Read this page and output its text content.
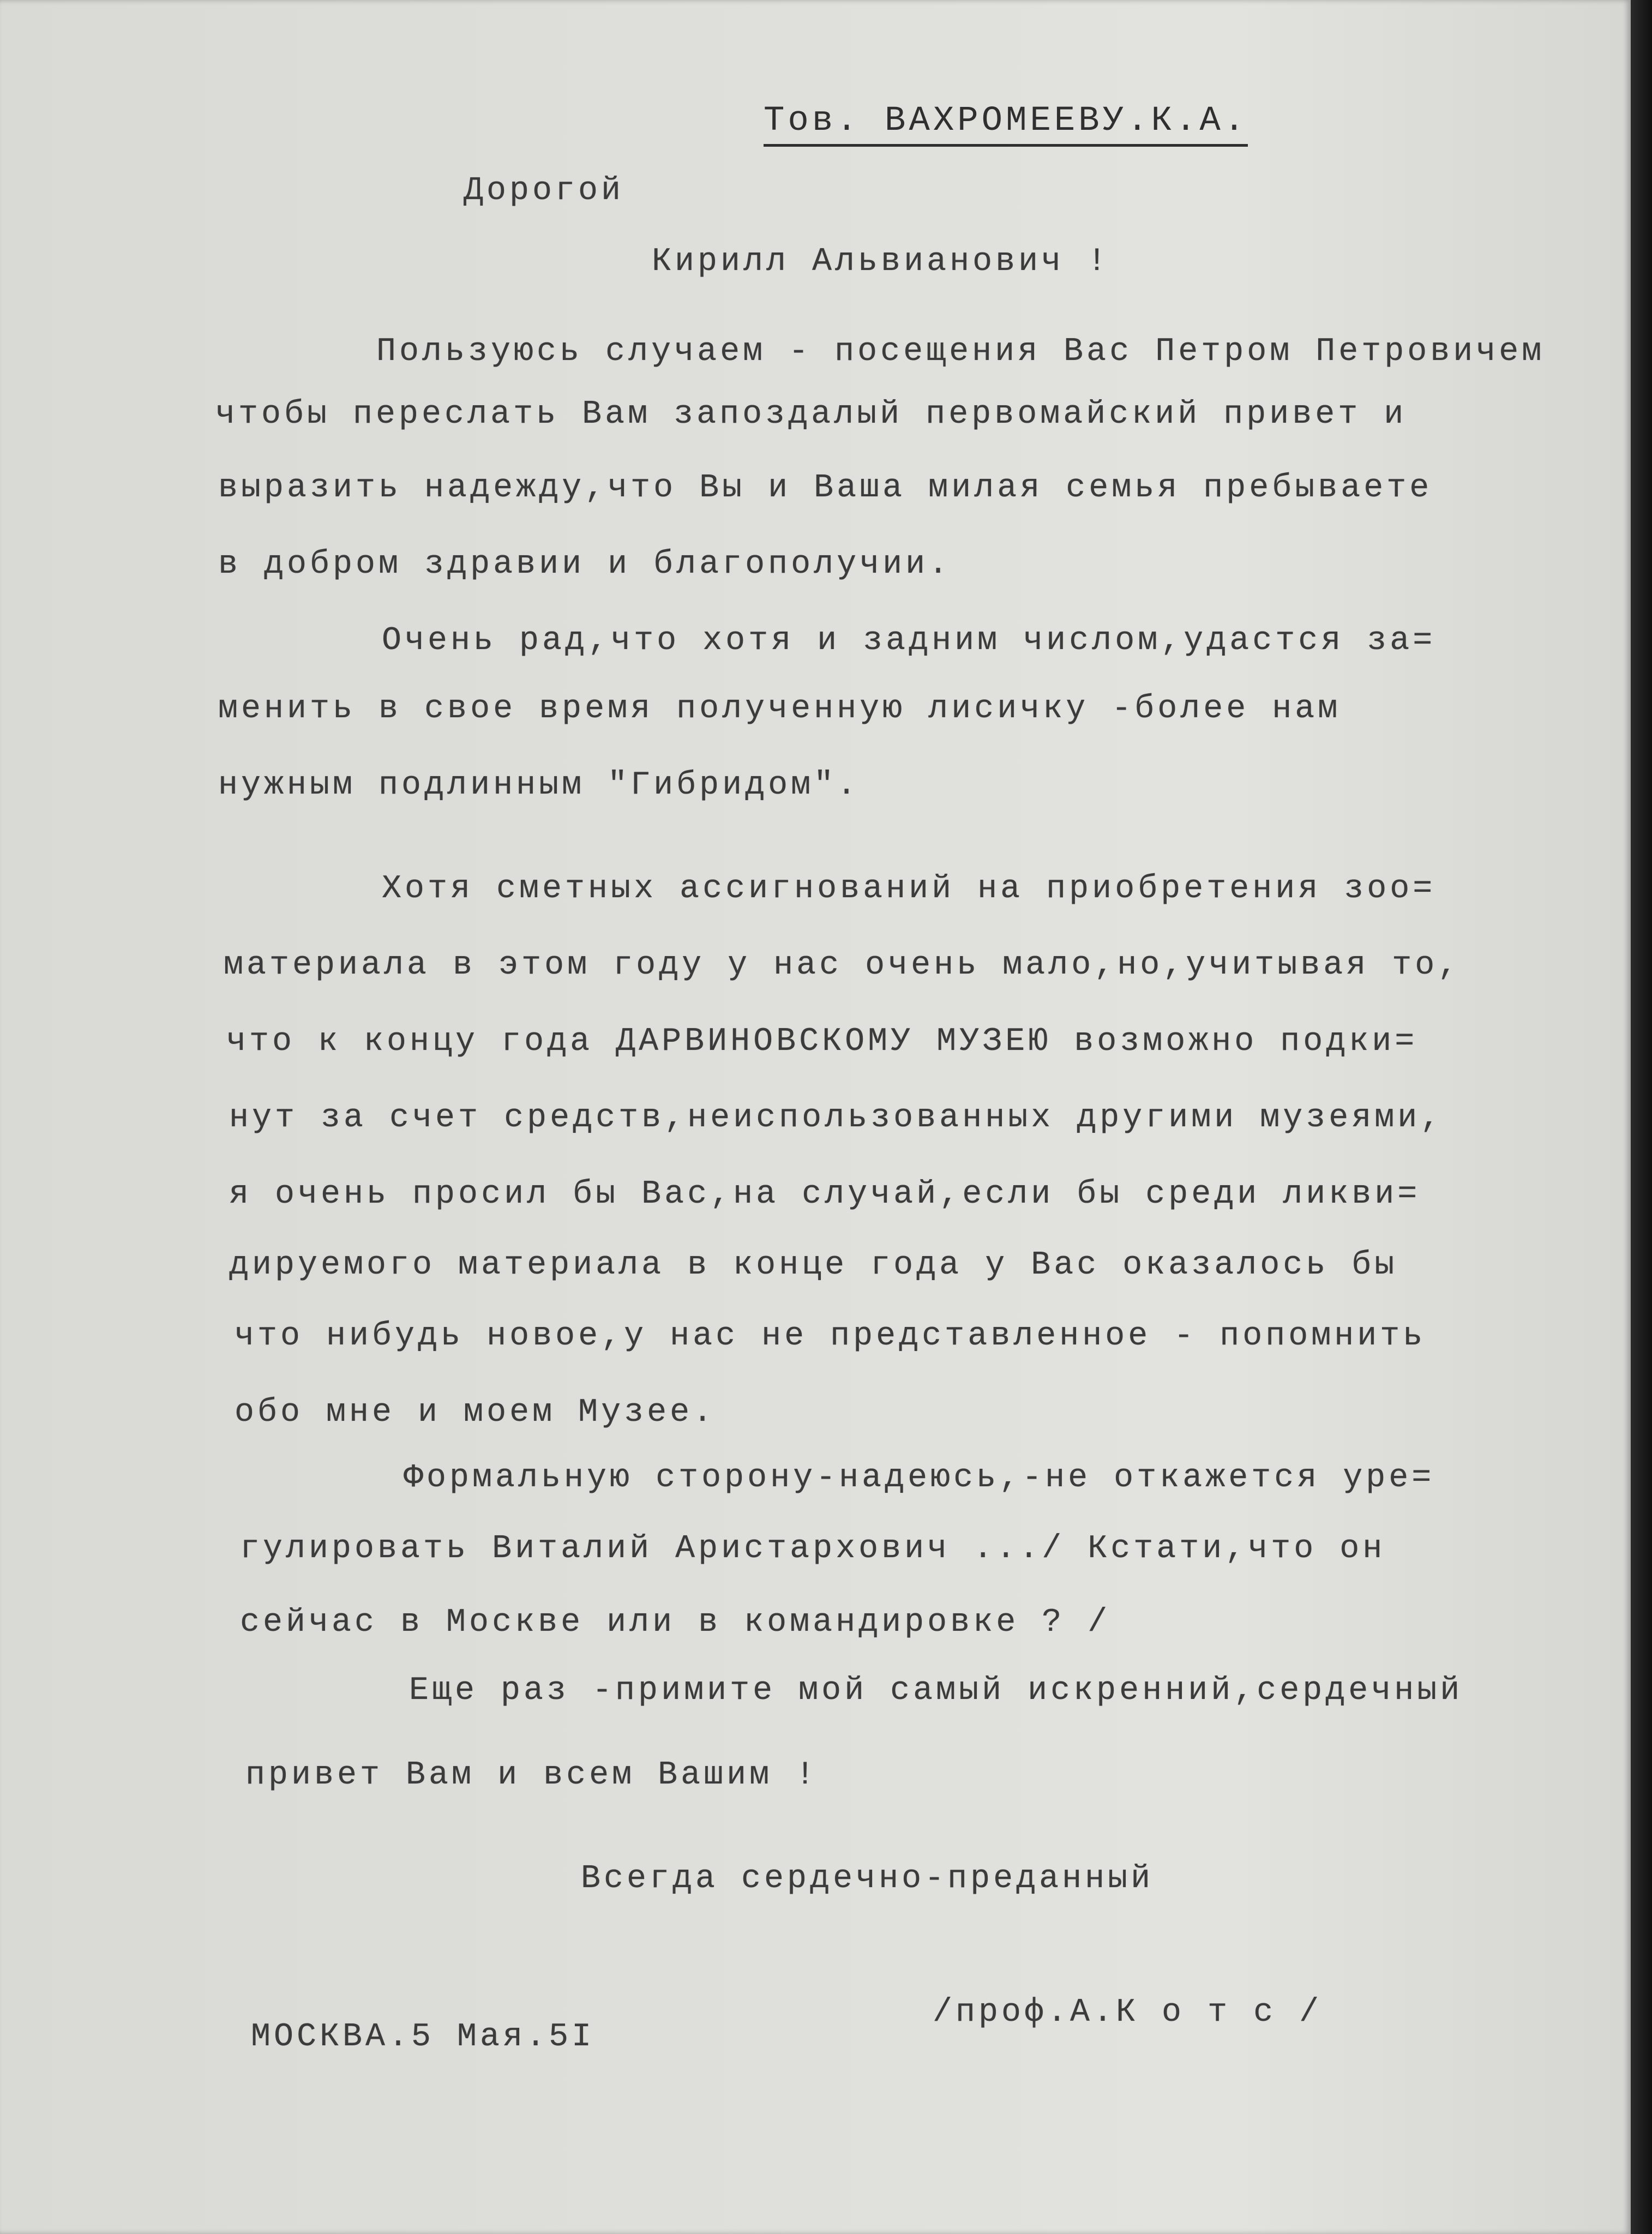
Тов. ВАХРОМЕЕВУ.К.А.
Дорогой
Кирилл Альвианович !
Пользуюсь случаем - посещения Вас Петром Петровичем
чтобы переслать Вам запоздалый первомайский привет и
выразить надежду,что Вы и Ваша милая семья пребываете
в добром здравии и благополучии.
Очень рад,что хотя и задним числом,удастся за=
менить в свое время полученную лисичку -более нам
нужным подлинным "Гибридом".
Хотя сметных ассигнований на приобретения зоо=
материала в этом году у нас очень мало,но,учитывая то,
что к концу года ДАРВИНОВСКОМУ МУЗЕЮ возможно подки=
нут за счет средств,неиспользованных другими музеями,
я очень просил бы Вас,на случай,если бы среди ликви=
дируемого материала в конце года у Вас оказалось бы
что нибудь новое,у нас не представленное - попомнить
обо мне и моем Музее.
Формальную сторону-надеюсь,-не откажется уре=
гулировать Виталий Аристархович .../ Кстати,что он
сейчас в Москве или в командировке ? /
Еще раз -примите мой самый искренний,сердечный
привет Вам и всем Вашим !
Всегда сердечно-преданный
МОСКВА.5 Мая.5I
/проф.А.К о т с /
